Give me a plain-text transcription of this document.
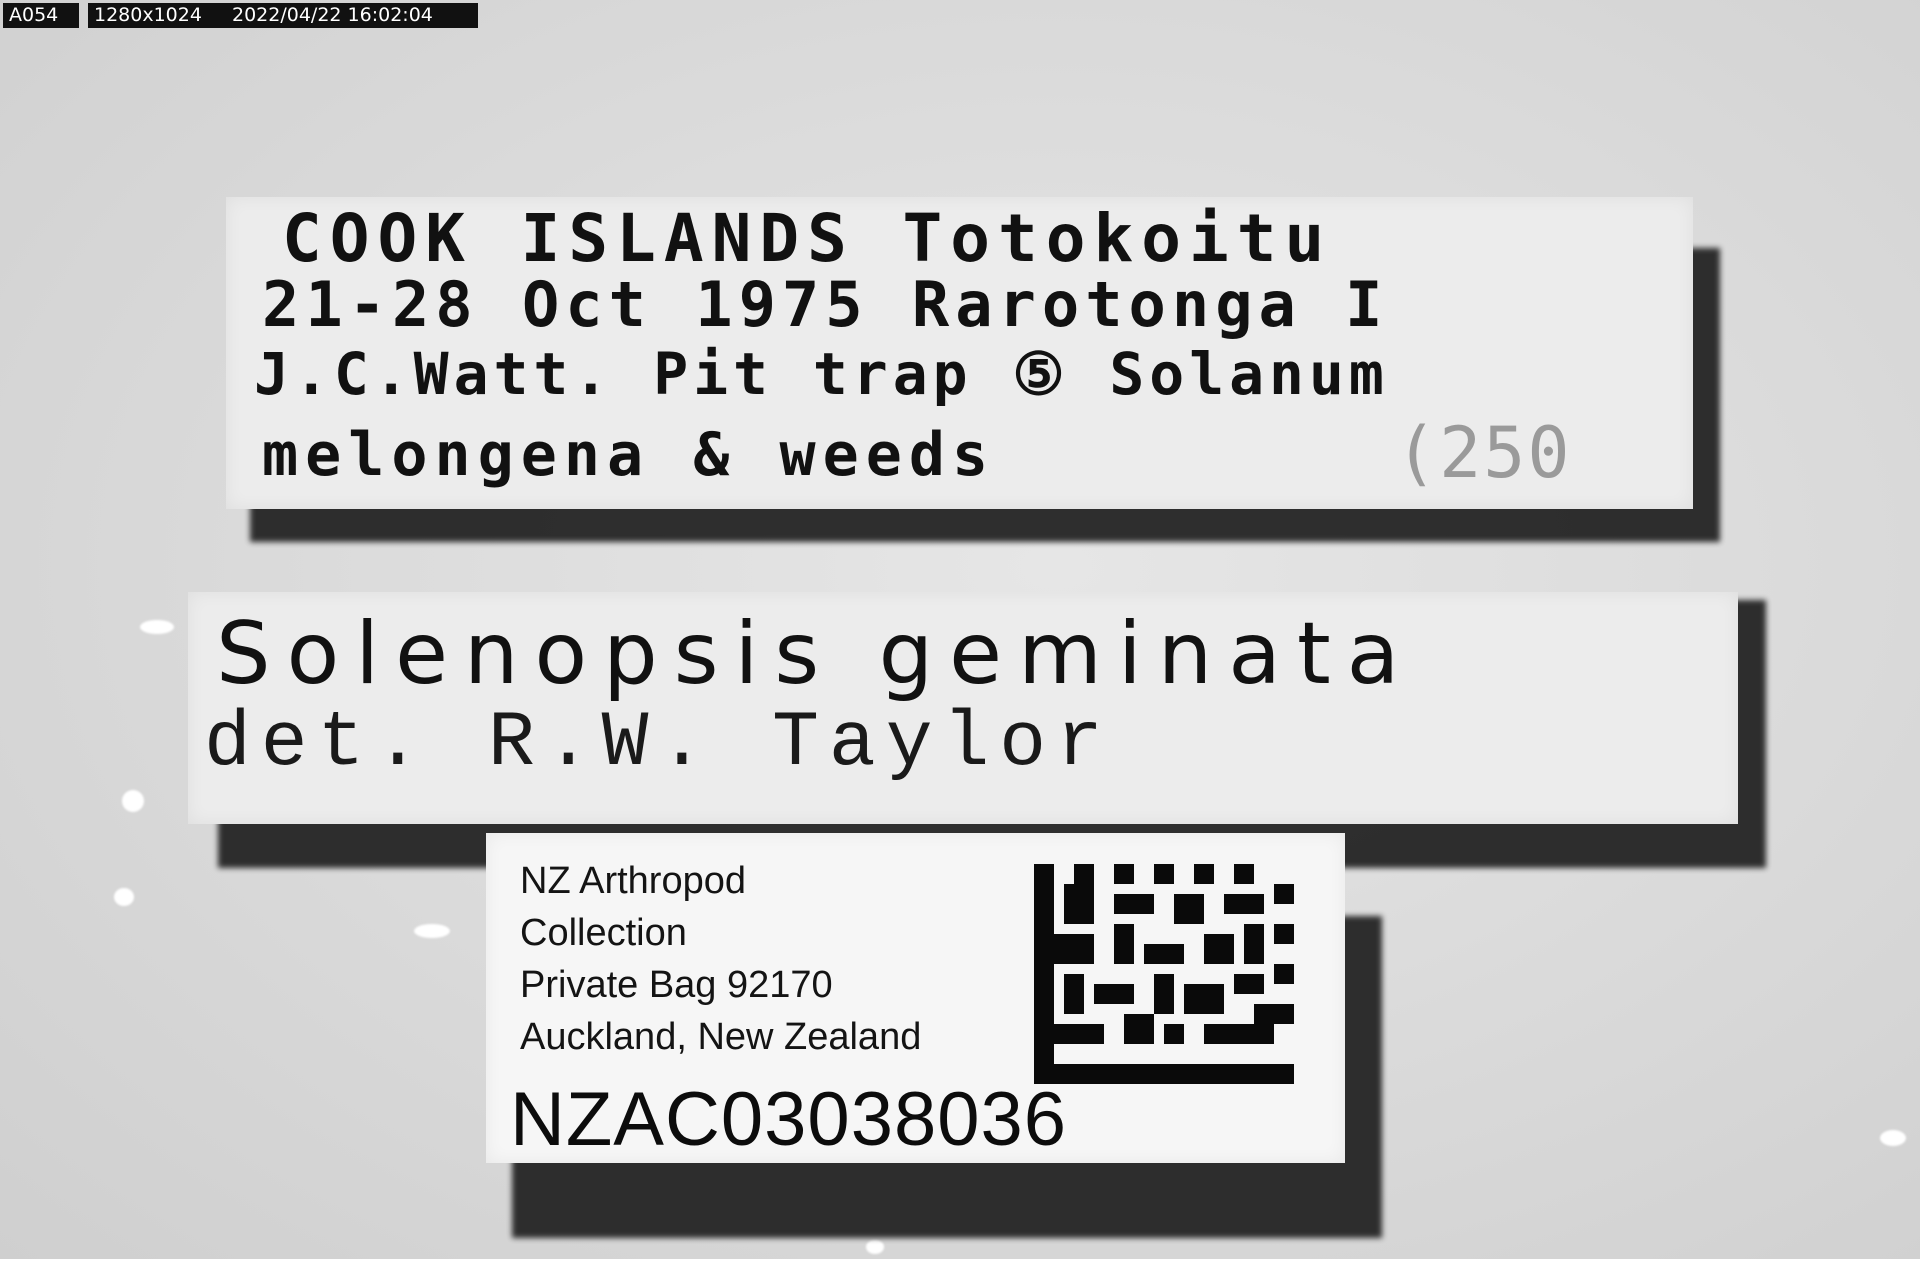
COOK ISLANDS Totokoitu
21-28 Oct 1975 Rarotonga I
J.C.Watt. Pit trap ⑤ Solanum
melongena & weeds	(250
Solenopsis geminata
det. R.W. Taylor
NZ Arthropod
Collection
Private Bag 92170
Auckland, New Zealand
NZAC03038036
A054	1280x1024	2022/04/22 16:02:04
